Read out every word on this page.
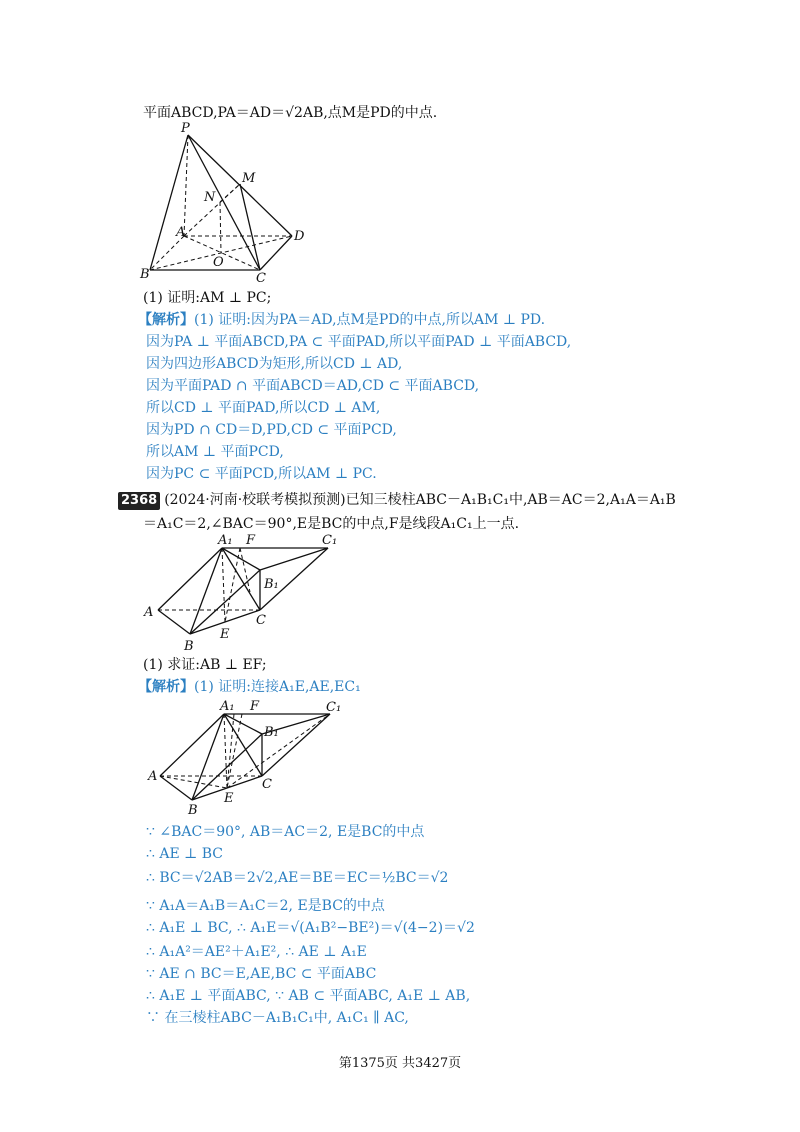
平面ABCD,PA＝AD＝√2AB,点M是PD的中点.
P
M
N
A	D
O
B	C
(1) 证明:AM ⊥ PC;
【解析】(1) 证明:因为PA＝AD,点M是PD的中点,所以AM ⊥ PD.
因为PA ⊥ 平面ABCD,PA ⊂ 平面PAD,所以平面PAD ⊥ 平面ABCD,
因为四边形ABCD为矩形,所以CD ⊥ AD,
因为平面PAD ∩ 平面ABCD＝AD,CD ⊂ 平面ABCD,
所以CD ⊥ 平面PAD,所以CD ⊥ AM,
因为PD ∩ CD＝D,PD,CD ⊂ 平面PCD,
所以AM ⊥ 平面PCD,
因为PC ⊂ 平面PCD,所以AM ⊥ PC.
2368 (2024·河南·校联考模拟预测)已知三棱柱ABC－A₁B₁C₁中,AB＝AC＝2,A₁A＝A₁B
＝A₁C＝2,∠BAC＝90°,E是BC的中点,F是线段A₁C₁上一点.
A₁ F	C₁
B₁
A
C
E
B
(1) 求证:AB ⊥ EF;
【解析】(1) 证明:连接A₁E,AE,EC₁
A₁ F	C₁
B₁
A
C
E
B
∵ ∠BAC＝90°, AB＝AC＝2, E是BC的中点
∴ AE ⊥ BC
∴ BC＝√2AB＝2√2,AE＝BE＝EC＝½BC＝√2
∵ A₁A＝A₁B＝A₁C＝2, E是BC的中点
∴ A₁E ⊥ BC, ∴ A₁E＝√(A₁B²−BE²)＝√(4−2)＝√2
∴ A₁A²＝AE²＋A₁E², ∴ AE ⊥ A₁E
∵ AE ∩ BC＝E,AE,BC ⊂ 平面ABC
∴ A₁E ⊥ 平面ABC, ∵ AB ⊂ 平面ABC, A₁E ⊥ AB,
∵ 在三棱柱ABC－A₁B₁C₁中, A₁C₁ ∥ AC,
第1375页 共3427页
